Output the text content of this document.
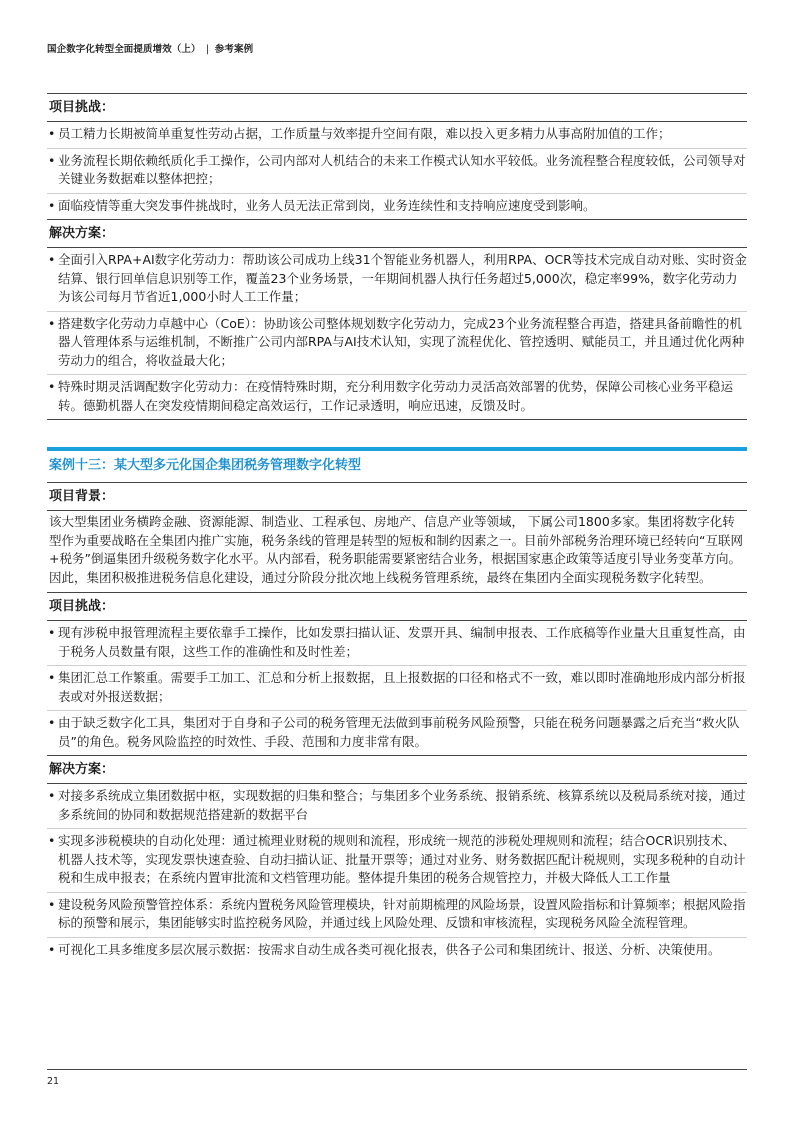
国企数字化转型全面提质增效（上） | 参考案例
项目挑战：
• 员工精力长期被简单重复性劳动占据，工作质量与效率提升空间有限，难以投入更多精力从事高附加值的工作；
• 业务流程长期依赖纸质化手工操作，公司内部对人机结合的未来工作模式认知水平较低。业务流程整合程度较低，公司领导对关键业务数据难以整体把控；
• 面临疫情等重大突发事件挑战时，业务人员无法正常到岗，业务连续性和支持响应速度受到影响。
解决方案：
• 全面引入RPA+AI数字化劳动力：帮助该公司成功上线31个智能业务机器人，利用RPA、OCR等技术完成自动对账、实时资金结算、银行回单信息识别等工作，覆盖23个业务场景，一年期间机器人执行任务超过5,000次，稳定率99%，数字化劳动力为该公司每月节省近1,000小时人工工作量；
• 搭建数字化劳动力卓越中心（CoE）：协助该公司整体规划数字化劳动力，完成23个业务流程整合再造，搭建具备前瞻性的机器人管理体系与运维机制，不断推广公司内部RPA与AI技术认知，实现了流程优化、管控透明、赋能员工，并且通过优化两种劳动力的组合，将收益最大化；
• 特殊时期灵活调配数字化劳动力：在疫情特殊时期，充分利用数字化劳动力灵活高效部署的优势，保障公司核心业务平稳运转。德勤机器人在突发疫情期间稳定高效运行，工作记录透明，响应迅速，反馈及时。
案例十三：某大型多元化国企集团税务管理数字化转型
项目背景：
该大型集团业务横跨金融、资源能源、制造业、工程承包、房地产、信息产业等领域， 下属公司1800多家。集团将数字化转型作为重要战略在全集团内推广实施，税务条线的管理是转型的短板和制约因素之一。目前外部税务治理环境已经转向“互联网+税务”倒逼集团升级税务数字化水平。从内部看，税务职能需要紧密结合业务，根据国家惠企政策等适度引导业务变革方向。因此，集团积极推进税务信息化建设，通过分阶段分批次地上线税务管理系统，最终在集团内全面实现税务数字化转型。
项目挑战：
• 现有涉税申报管理流程主要依靠手工操作，比如发票扫描认证、发票开具、编制申报表、工作底稿等作业量大且重复性高，由于税务人员数量有限，这些工作的准确性和及时性差；
• 集团汇总工作繁重。需要手工加工、汇总和分析上报数据，且上报数据的口径和格式不一致，难以即时准确地形成内部分析报表或对外报送数据；
• 由于缺乏数字化工具，集团对于自身和子公司的税务管理无法做到事前税务风险预警，只能在税务问题暴露之后充当“救火队员”的角色。税务风险监控的时效性、手段、范围和力度非常有限。
解决方案：
• 对接多系统成立集团数据中枢，实现数据的归集和整合；与集团多个业务系统、报销系统、核算系统以及税局系统对接，通过多系统间的协同和数据规范搭建新的数据平台
• 实现多涉税模块的自动化处理：通过梳理业财税的规则和流程，形成统一规范的涉税处理规则和流程；结合OCR识别技术、机器人技术等，实现发票快速查验、自动扫描认证、批量开票等；通过对业务、财务数据匹配计税规则，实现多税种的自动计税和生成申报表；在系统内置审批流和文档管理功能。整体提升集团的税务合规管控力，并极大降低人工工作量
• 建设税务风险预警管控体系：系统内置税务风险管理模块，针对前期梳理的风险场景，设置风险指标和计算频率；根据风险指标的预警和展示，集团能够实时监控税务风险，并通过线上风险处理、反馈和审核流程，实现税务风险全流程管理。
• 可视化工具多维度多层次展示数据：按需求自动生成各类可视化报表，供各子公司和集团统计、报送、分析、决策使用。
21
